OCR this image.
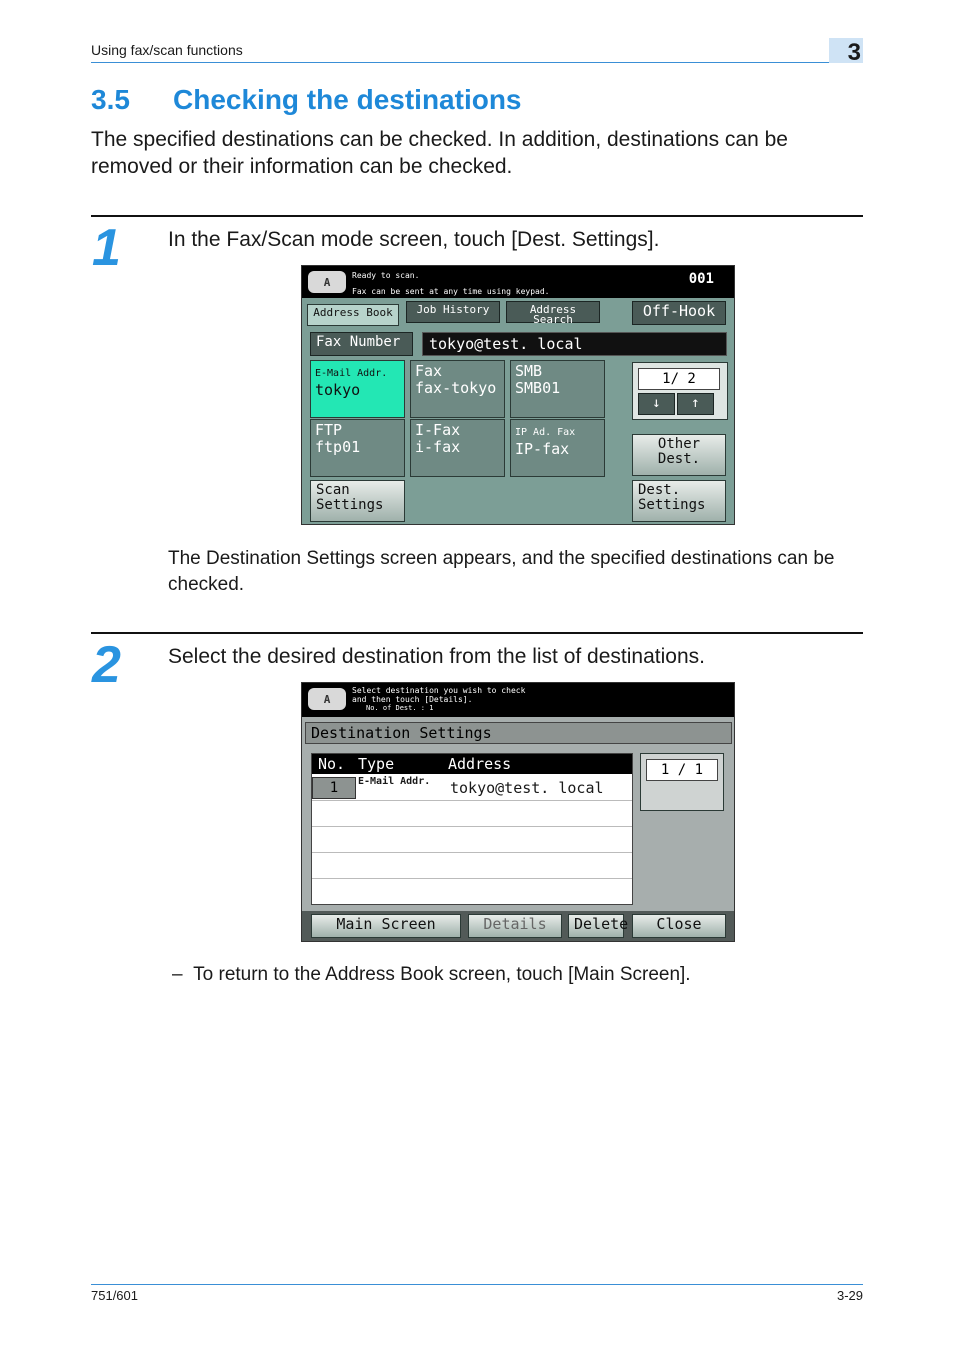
Using fax/scan functions	3
3.5 Checking the destinations
The specified destinations can be checked. In addition, destinations can be removed or their information can be checked.
1 In the Fax/Scan mode screen, touch [Dest. Settings].
A	Ready to scan.
Fax can be sent at any time using keypad.
001
Address Book	Job History	Address Search	Off-Hook
Fax Number	tokyo@test. local
E-Mail Addr.
tokyo
Fax
fax-tokyo
SMB
SMB01
FTP
ftp01
I-Fax
i-fax
IP Ad. Fax
IP-fax
1/ 2
↓	↑
Other Dest.
Scan Settings
Dest. Settings
The Destination Settings screen appears, and the specified destinations can be checked.
2 Select the desired destination from the list of destinations.
A
Select destination you wish to check
and then touch [Details].
No. of Dest. : 1
Destination Settings
No. Type	Address
1	E-Mail Addr. tokyo@test. local
1 / 1
Main Screen	Details	Delete	Close
– To return to the Address Book screen, touch [Main Screen].
751/601	3-29
